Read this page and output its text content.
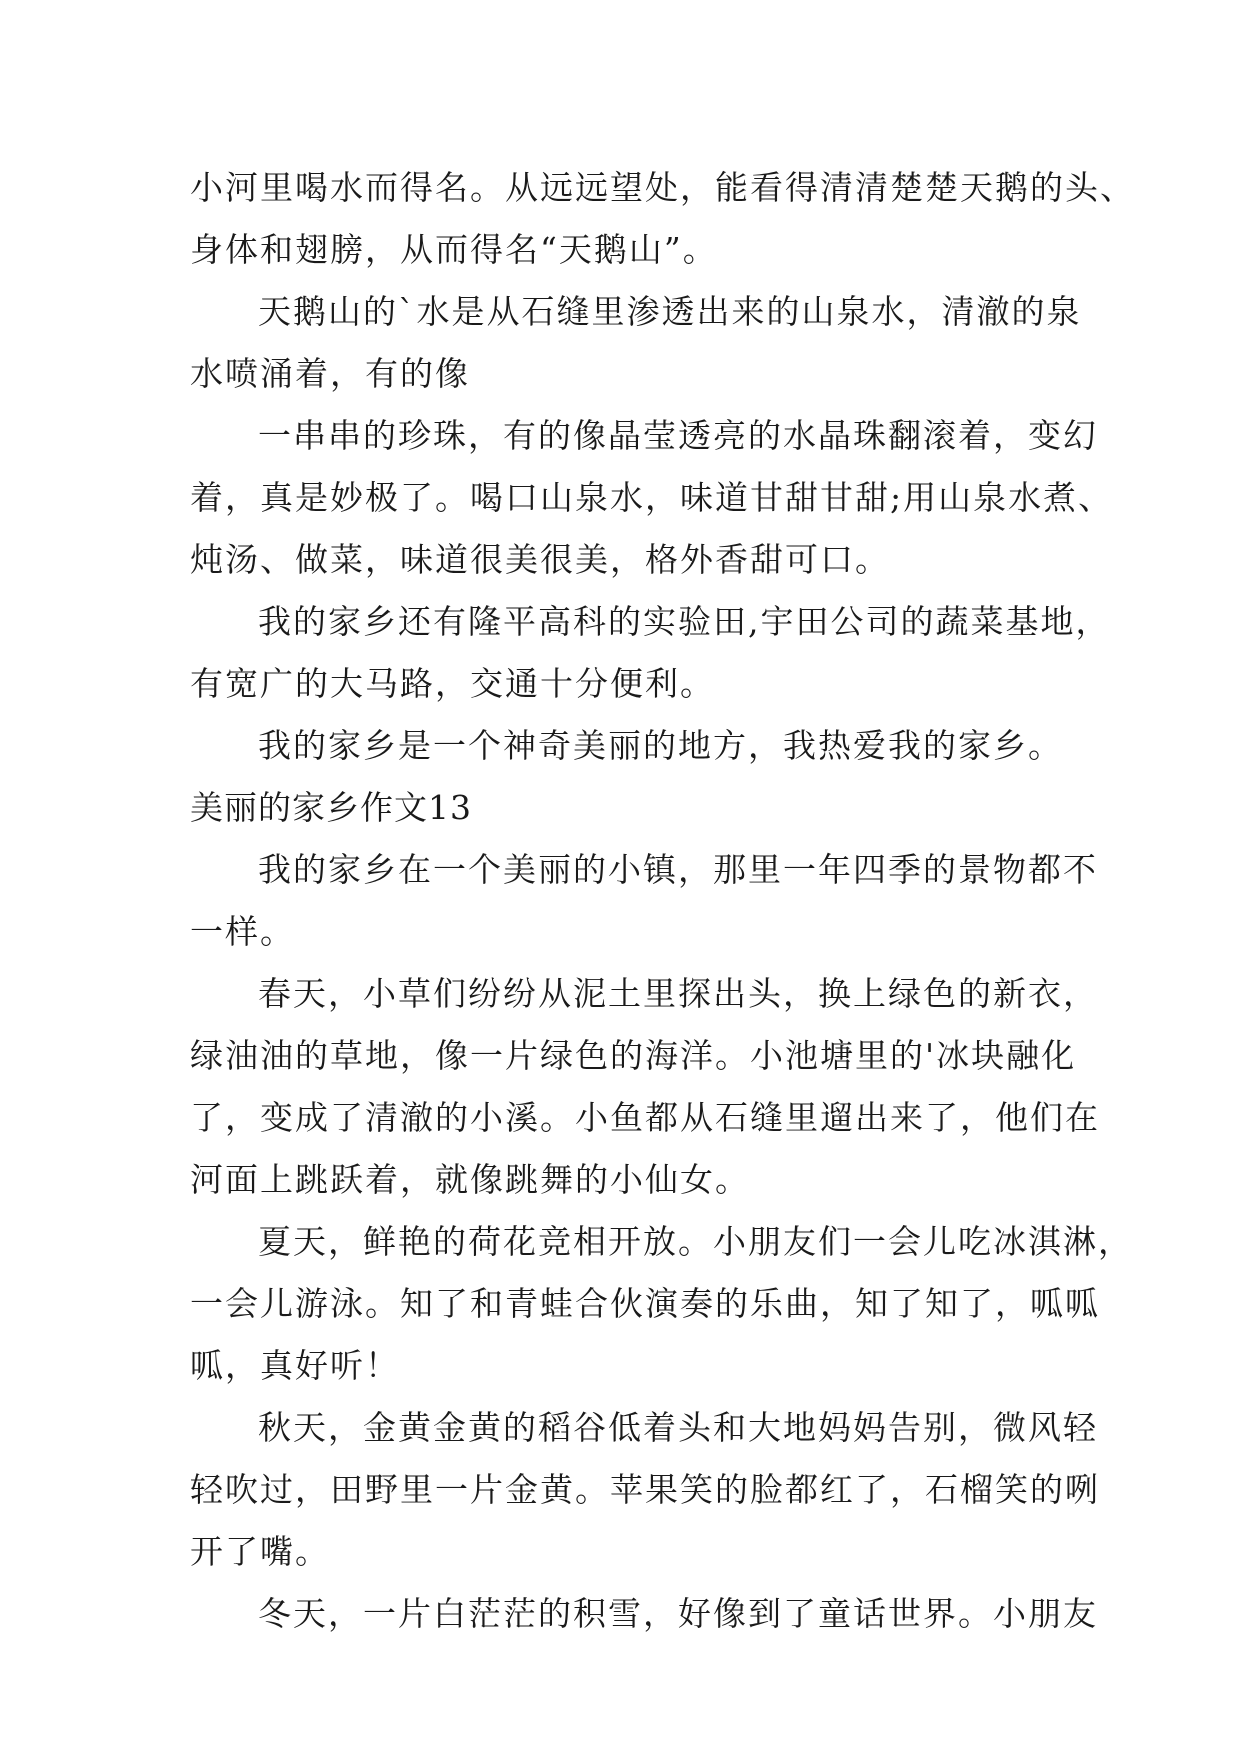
小河里喝水而得名。从远远望处，能看得清清楚楚天鹅的头、
身体和翅膀，从而得名“天鹅山”。
天鹅山的`水是从石缝里渗透出来的山泉水，清澈的泉
水喷涌着，有的像
一串串的珍珠，有的像晶莹透亮的水晶珠翻滚着，变幻
着，真是妙极了。喝口山泉水，味道甘甜甘甜;用山泉水煮、
炖汤、做菜，味道很美很美，格外香甜可口。
我的家乡还有隆平高科的实验田,宇田公司的蔬菜基地，
有宽广的大马路，交通十分便利。
我的家乡是一个神奇美丽的地方，我热爱我的家乡。
美丽的家乡作文13
我的家乡在一个美丽的小镇，那里一年四季的景物都不
一样。
春天，小草们纷纷从泥土里探出头，换上绿色的新衣，
绿油油的草地，像一片绿色的海洋。小池塘里的'冰块融化
了，变成了清澈的小溪。小鱼都从石缝里遛出来了，他们在
河面上跳跃着，就像跳舞的小仙女。
夏天，鲜艳的荷花竞相开放。小朋友们一会儿吃冰淇淋，
一会儿游泳。知了和青蛙合伙演奏的乐曲，知了知了，呱呱
呱，真好听！
秋天，金黄金黄的稻谷低着头和大地妈妈告别，微风轻
轻吹过，田野里一片金黄。苹果笑的脸都红了，石榴笑的咧
开了嘴。
冬天，一片白茫茫的积雪，好像到了童话世界。小朋友
